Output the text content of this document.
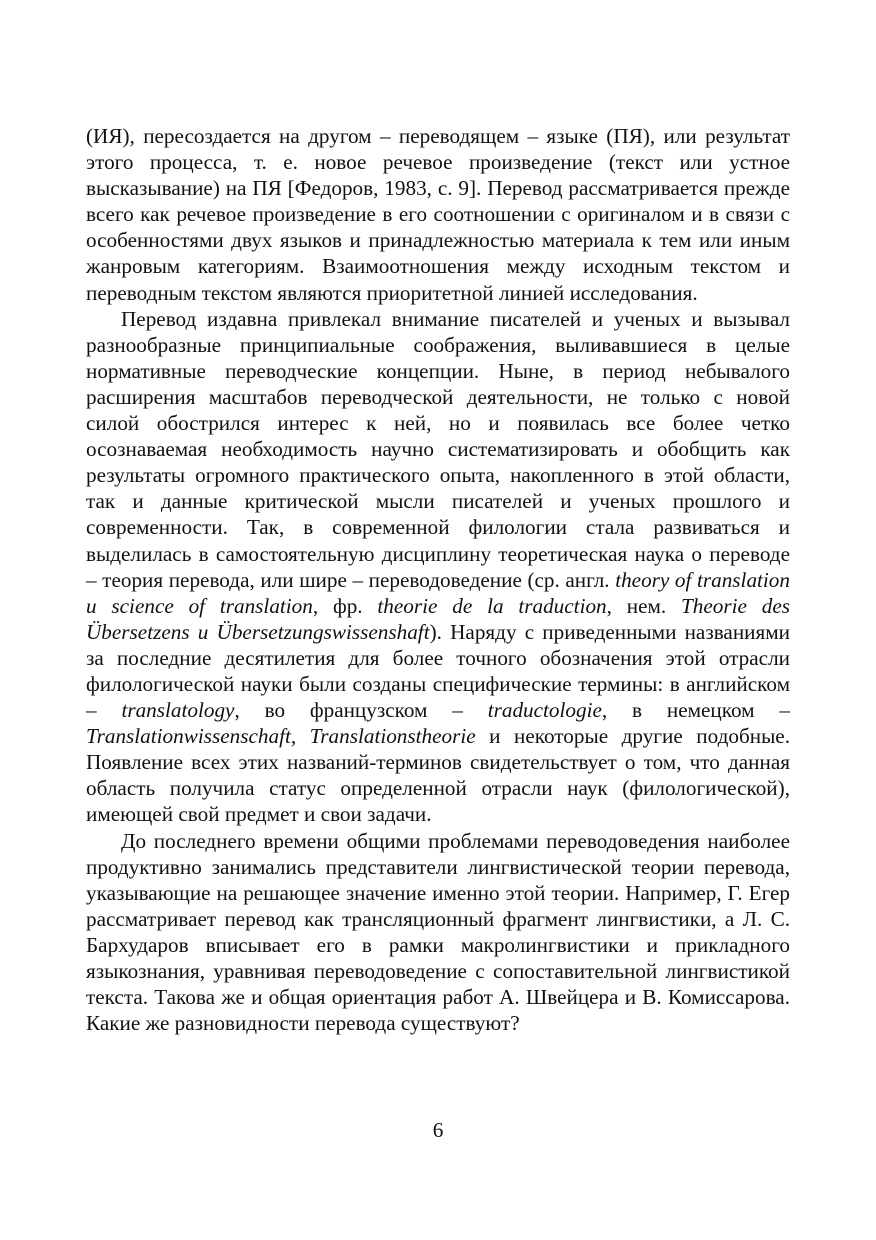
(ИЯ), пересоздается на другом – переводящем – языке (ПЯ), или результат этого процесса, т. е. новое речевое произведение (текст или устное высказывание) на ПЯ [Федоров, 1983, с. 9]. Перевод рассматривается прежде всего как речевое произведение в его соотношении с оригиналом и в связи с особенностями двух языков и принадлежностью материала к тем или иным жанровым категориям. Взаимоотношения между исходным текстом и переводным текстом являются приоритетной линией исследования.

Перевод издавна привлекал внимание писателей и ученых и вызывал разнообразные принципиальные соображения, выливавшиеся в целые нормативные переводческие концепции. Ныне, в период небывалого расширения масштабов переводческой деятельности, не только с новой силой обострился интерес к ней, но и появилась все более четко осознаваемая необходимость научно систематизировать и обобщить как результаты огромного практического опыта, накопленного в этой области, так и данные критической мысли писателей и ученых прошлого и современности. Так, в современной филологии стала развиваться и выделилась в самостоятельную дисциплину теоретическая наука о переводе – теория перевода, или шире – переводоведение (ср. англ. theory of translation u science of translation, фр. theorie de la traduction, нем. Theorie des Übersetzens u Übersetzungswissenshaft). Наряду с приведенными названиями за последние десятилетия для более точного обозначения этой отрасли филологической науки были созданы специфические термины: в английском – translatology, во французском – traductologie, в немецком – Translationwissenschaft, Translationstheorie и некоторые другие подобные. Появление всех этих названий-терминов свидетельствует о том, что данная область получила статус определенной отрасли наук (филологической), имеющей свой предмет и свои задачи.

До последнего времени общими проблемами переводоведения наиболее продуктивно занимались представители лингвистической теории перевода, указывающие на решающее значение именно этой теории. Например, Г. Егер рассматривает перевод как трансляционный фрагмент лингвистики, а Л. С. Бархударов вписывает его в рамки макролингвистики и прикладного языкознания, уравнивая переводоведение с сопоставительной лингвистикой текста. Такова же и общая ориентация работ А. Швейцера и В. Комиссарова. Какие же разновидности перевода существуют?

6
